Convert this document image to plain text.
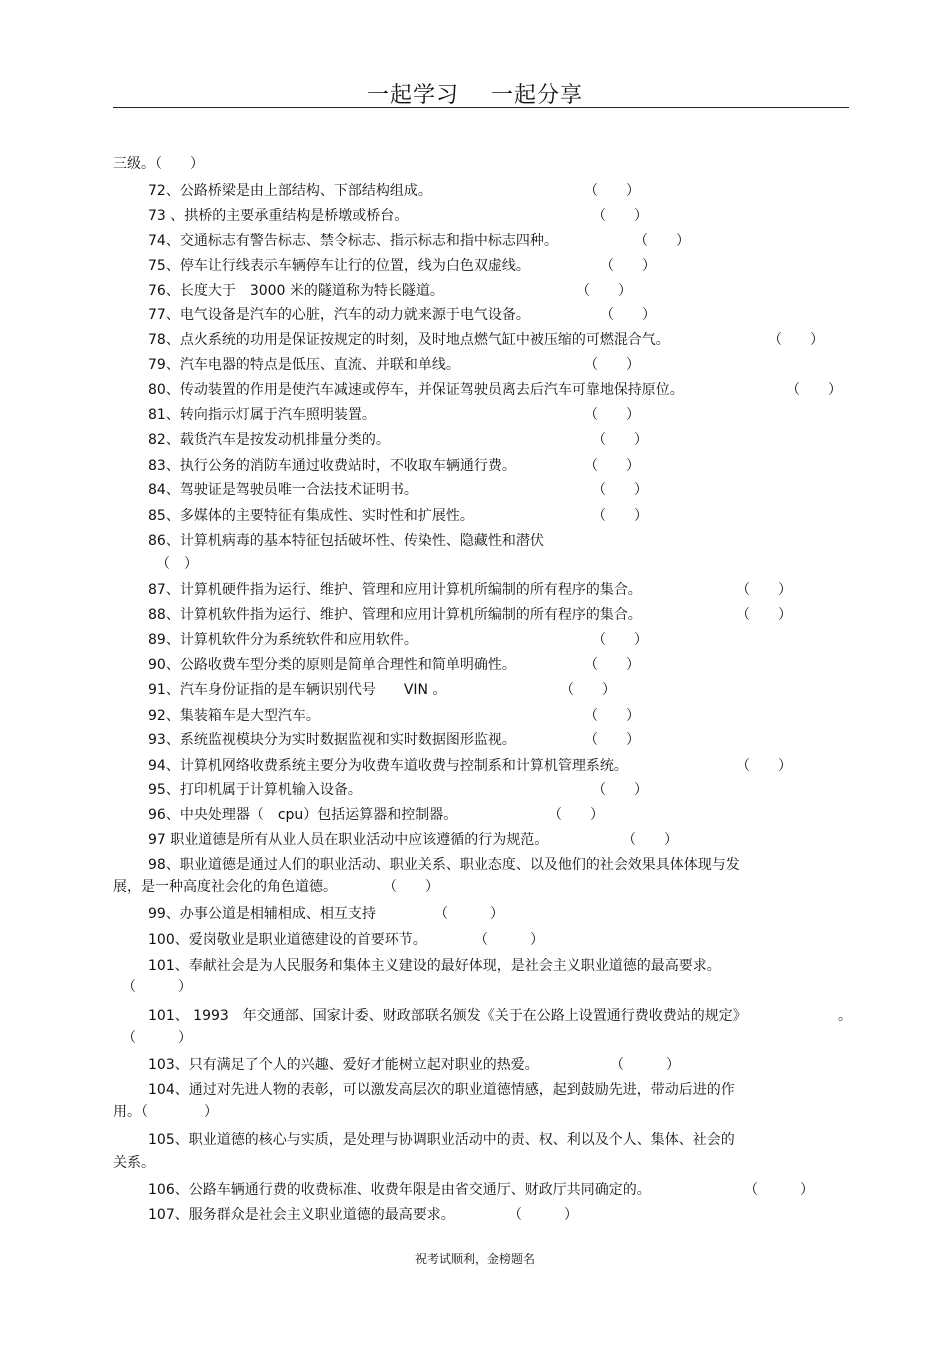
一起学习 一起分享
三级。（　　）
72、公路桥梁是由上部结构、下部结构组成。	（　　）
73 、拱桥的主要承重结构是桥墩或桥台。	（　　）
74、交通标志有警告标志、禁令标志、指示标志和指中标志四种。	（　　）
75、停车让行线表示车辆停车让行的位置，线为白色双虚线。	（　　）
76、长度大于　3000 米的隧道称为特长隧道。	（　　）
77、电气设备是汽车的心脏，汽车的动力就来源于电气设备。	（　　）
78、点火系统的功用是保证按规定的时刻，及时地点燃气缸中被压缩的可燃混合气。	（　　）
79、汽车电器的特点是低压、直流、并联和单线。	（　　）
80、传动装置的作用是使汽车减速或停车，并保证驾驶员离去后汽车可靠地保持原位。	（　　）
81、转向指示灯属于汽车照明装置。	（　　）
82、载货汽车是按发动机排量分类的。	（　　）
83、执行公务的消防车通过收费站时，不收取车辆通行费。	（　　）
84、驾驶证是驾驶员唯一合法技术证明书。	（　　）
85、多媒体的主要特征有集成性、实时性和扩展性。	（　　）
86、计算机病毒的基本特征包括破坏性、传染性、隐藏性和潜伏
（　）
87、计算机硬件指为运行、维护、管理和应用计算机所编制的所有程序的集合。	（　　）
88、计算机软件指为运行、维护、管理和应用计算机所编制的所有程序的集合。	（　　）
89、计算机软件分为系统软件和应用软件。	（　　）
90、公路收费车型分类的原则是简单合理性和简单明确性。	（　　）
91、汽车身份证指的是车辆识别代号　　VIN 。	（　　）
92、集装箱车是大型汽车。	（　　）
93、系统监视模块分为实时数据监视和实时数据图形监视。	（　　）
94、计算机网络收费系统主要分为收费车道收费与控制系和计算机管理系统。	（　　）
95、打印机属于计算机输入设备。	（　　）
96、中央处理器（　cpu）包括运算器和控制器。	（　　）
97 职业道德是所有从业人员在职业活动中应该遵循的行为规范。	（　　）
98、职业道德是通过人们的职业活动、职业关系、职业态度、以及他们的社会效果具体体现与发
展，是一种高度社会化的角色道德。	（　　）
99、办事公道是相辅相成、相互支持	（　　　）
100、爱岗敬业是职业道德建设的首要环节。	（　　　）
101、奉献社会是为人民服务和集体主义建设的最好体现，是社会主义职业道德的最高要求。
（　　　）
101、 1993　年交通部、国家计委、财政部联名颁发《关于在公路上设置通行费收费站的规定》	。
（　　　）
103、只有满足了个人的兴趣、爱好才能树立起对职业的热爱。	（　　　）
104、通过对先进人物的表彰，可以激发高层次的职业道德情感，起到鼓励先进，带动后进的作
用。（　　　　）
105、职业道德的核心与实质，是处理与协调职业活动中的责、权、利以及个人、集体、社会的
关系。
106、公路车辆通行费的收费标准、收费年限是由省交通厅、财政厅共同确定的。	（　　　）
107、服务群众是社会主义职业道德的最高要求。	（　　　）
祝考试顺利，金榜题名
